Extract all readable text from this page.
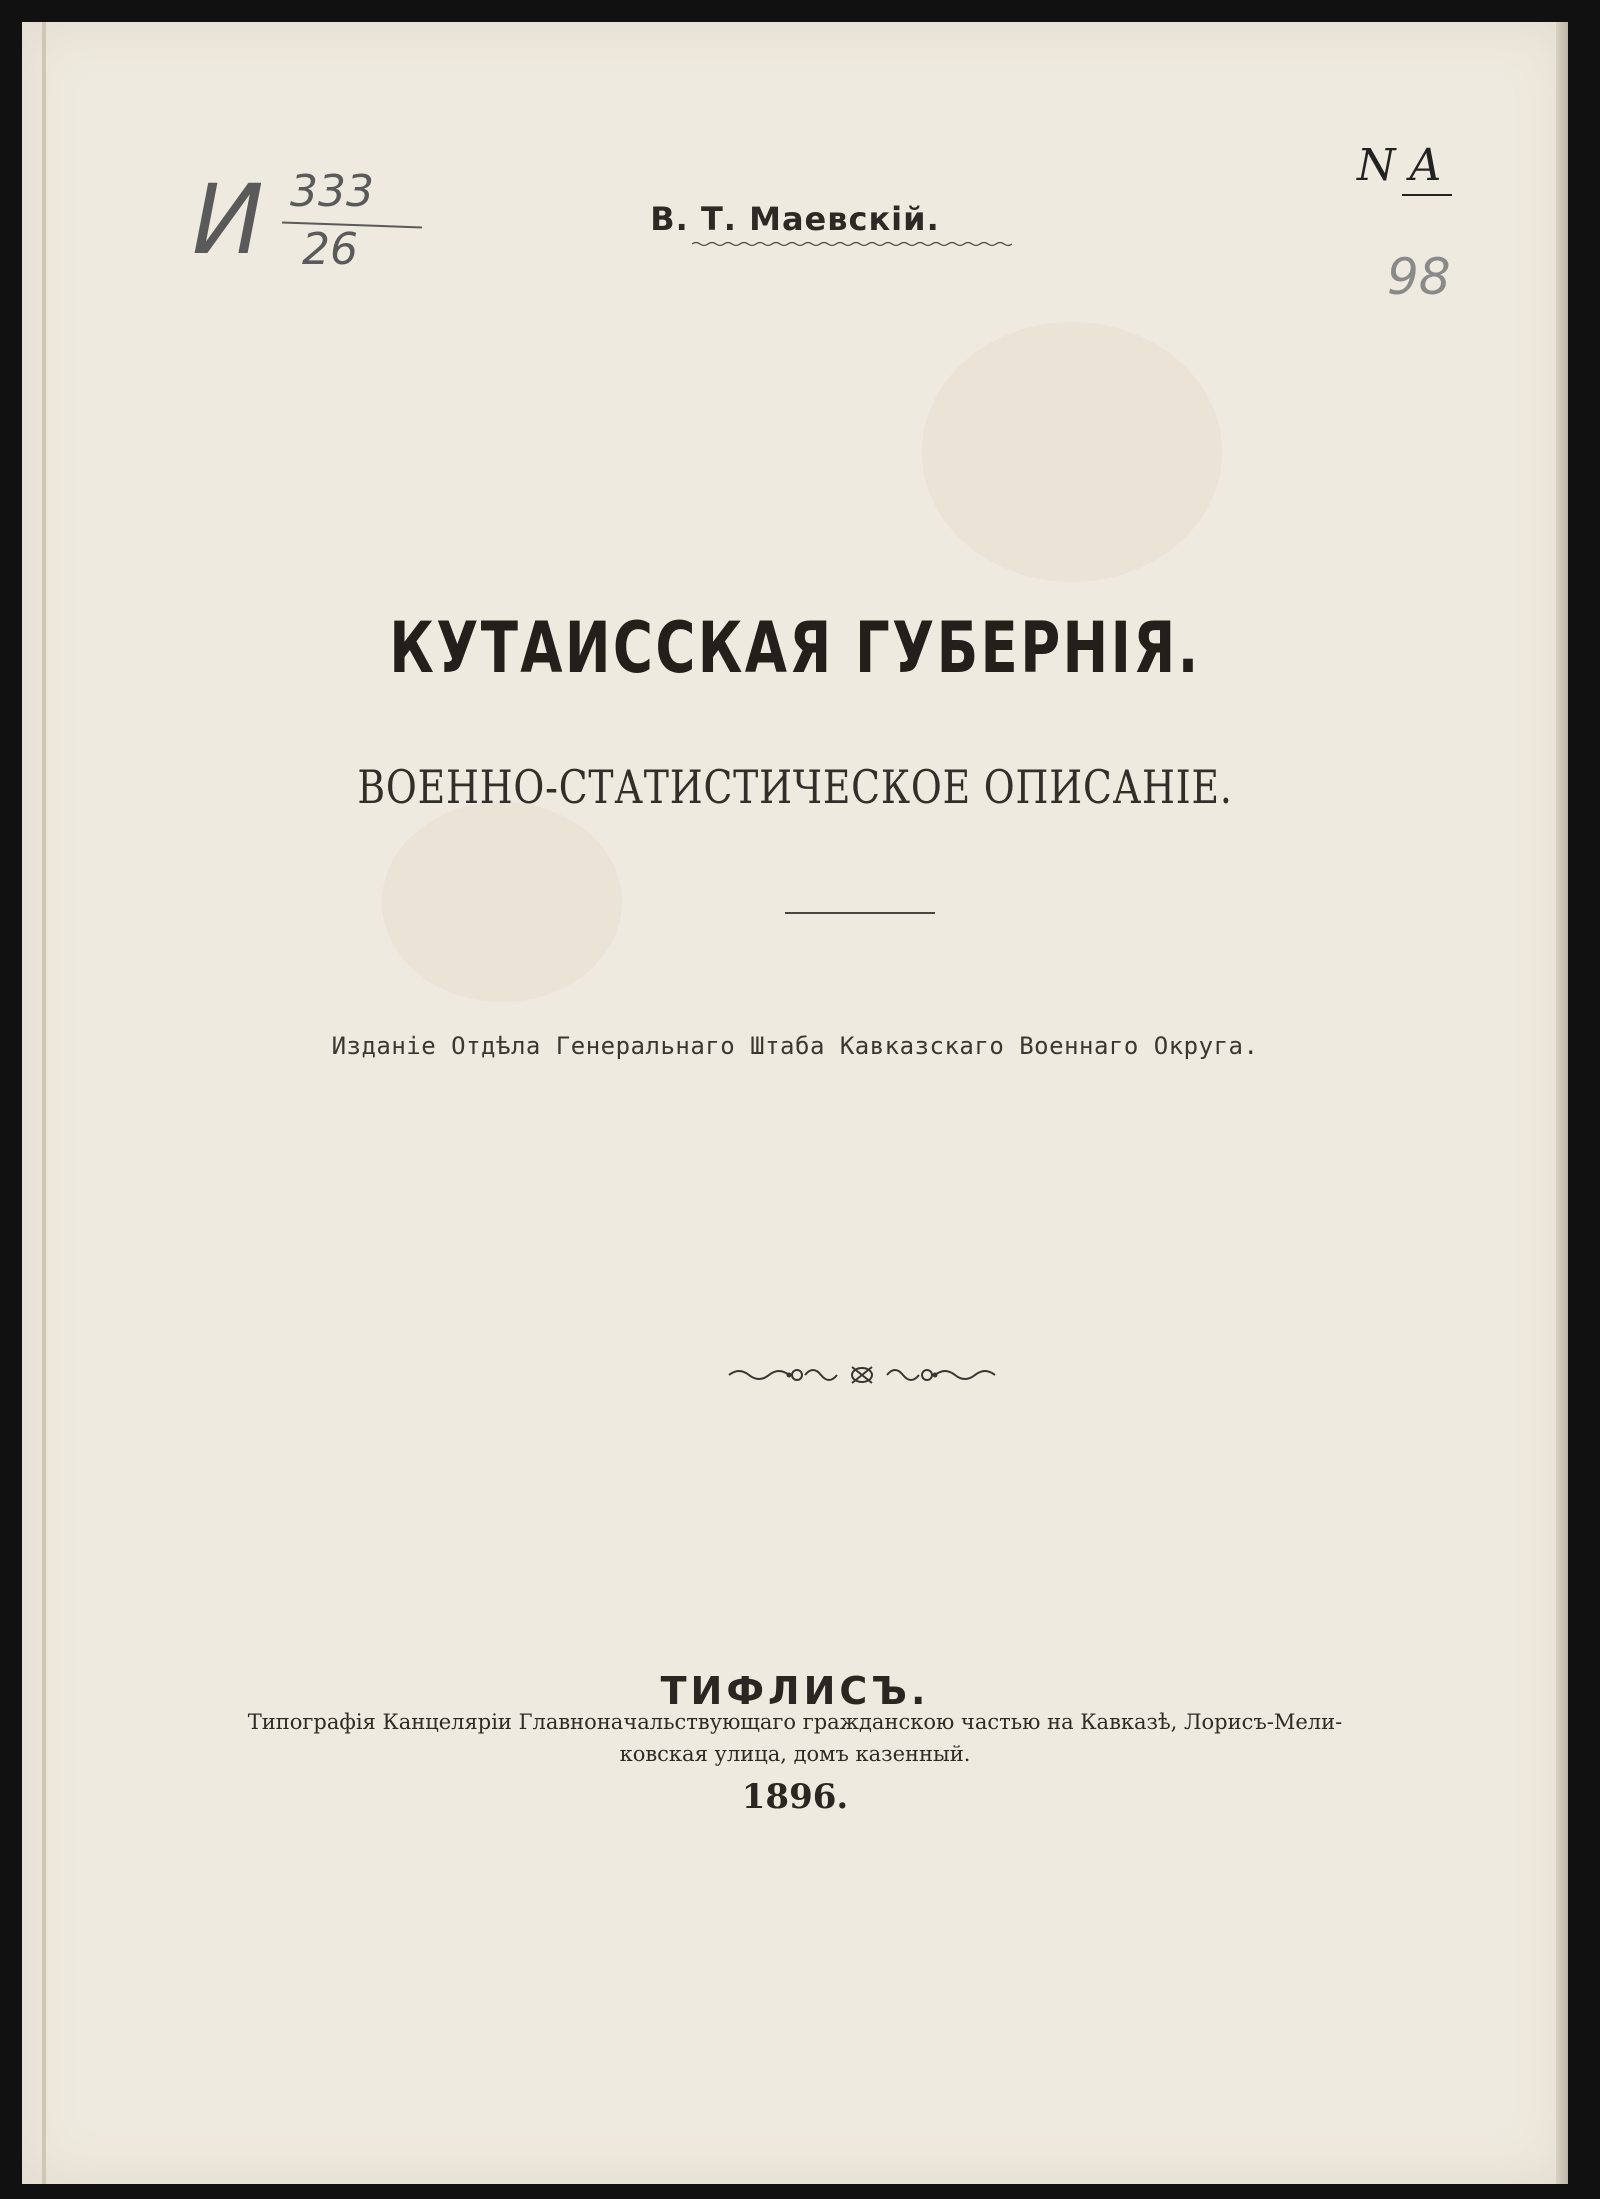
И 333
26
N A
98
В. Т. Маевскій.
КУТАИССКАЯ ГУБЕРНІЯ.
ВОЕННО-СТАТИСТИЧЕСКОЕ ОПИСАНІЕ.
Изданіе Отдѣла Генеральнаго Штаба Кавказскаго Военнаго Округа.
ТИФЛИСЪ.
Типографія Канцеляріи Главноначальствующаго гражданскою частью на Кавказѣ, Лорисъ-Мели-
ковская улица, домъ казенный.
1896.
